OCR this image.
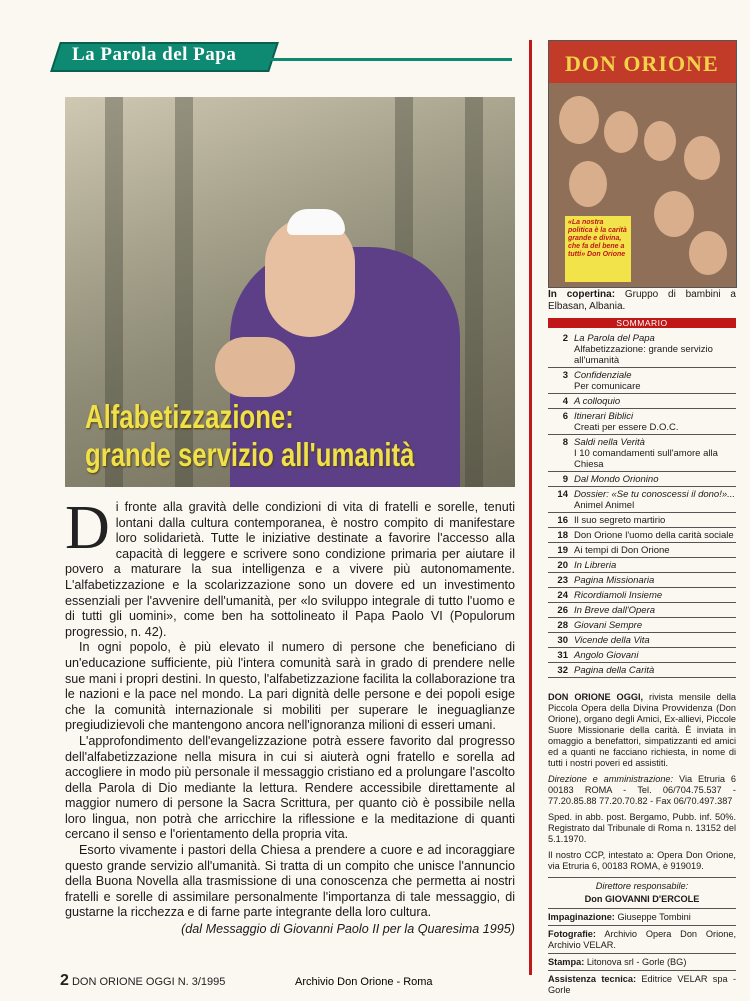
La Parola del Papa
Alfabetizzazione:
grande servizio all'umanità

Di fronte alla gravità delle condizioni di vita di fratelli e sorelle, tenuti lontani dalla cultura contemporanea, è nostro compito di manifestare loro solidarietà. Tutte le iniziative destinate a favorire l'accesso alla capacità di leggere e scrivere sono condizione primaria per aiutare il povero a maturare la sua intelligenza e a vivere più autonomamente. L'alfabetizzazione e la scolarizzazione sono un dovere ed un investimento essenziali per l'avvenire dell'umanità, per «lo sviluppo integrale di tutto l'uomo e di tutti gli uomini», come ben ha sottolineato il Papa Paolo VI (Populorum progressio, n. 42).

In ogni popolo, è più elevato il numero di persone che beneficiano di un'educazione sufficiente, più l'intera comunità sarà in grado di prendere nelle sue mani i propri destini. In questo, l'alfabetizzazione facilita la collaborazione tra le nazioni e la pace nel mondo. La pari dignità delle persone e dei popoli esige che la comunità internazionale si mobiliti per superare le ineguaglianze pregiudizievoli che mantengono ancora nell'ignoranza milioni di esseri umani.

L'approfondimento dell'evangelizzazione potrà essere favorito dal progresso dell'alfabetizzazione nella misura in cui si aiuterà ogni fratello e sorella ad accogliere in modo più personale il messaggio cristiano ed a prolungare l'ascolto della Parola di Dio mediante la lettura. Rendere accessibile direttamente al maggior numero di persone la Sacra Scrittura, per quanto ciò è possibile nella loro lingua, non potrà che arricchire la riflessione e la meditazione di quanti cercano il senso e l'orientamento della propria vita.

Esorto vivamente i pastori della Chiesa a prendere a cuore e ad incoraggiare questo grande servizio all'umanità. Si tratta di un compito che unisce l'annuncio della Buona Novella alla trasmissione di una conoscenza che permetta ai nostri fratelli e sorelle di assimilare personalmente l'importanza di tale messaggio, di gustarne la ricchezza e di farne parte integrante della loro cultura.

(dal Messaggio di Giovanni Paolo II per la Quaresima 1995)
2 DON ORIONE OGGI N. 3/1995	Archivio Don Orione - Roma
DON ORIONE
«La nostra politica è la carità grande e divina, che fa del bene a tutti» Don Orione
In copertina: Gruppo di bambini a Elbasan, Albania.
SOMMARIO
2 La Parola del Papa
Alfabetizzazione: grande servizio all'umanità
3 Confidenziale
Per comunicare
4 A colloquio
6 Itinerari Biblici
Creati per essere D.O.C.
8 Saldi nella Verità
I 10 comandamenti sull'amore alla Chiesa
9 Dal Mondo Orionino
14 Dossier: «Se tu conoscessi il dono!»...
Animel Animel
16 Il suo segreto martirio
18 Don Orione l'uomo della carità sociale
19 Ai tempi di Don Orione
20 In Libreria
23 Pagina Missionaria
24 Ricordiamoli Insieme
26 In Breve dall'Opera
28 Giovani Sempre
30 Vicende della Vita
31 Angolo Giovani
32 Pagina della Carità

DON ORIONE OGGI, rivista mensile della Piccola Opera della Divina Provvidenza (Don Orione), organo degli Amici, Ex-allievi, Piccole Suore Missionarie della carità. È inviata in omaggio a benefattori, simpatizzanti ed amici ed a quanti ne facciano richiesta, in nome di tutti i nostri poveri ed assistiti.

Direzione e amministrazione: Via Etruria 6 00183 ROMA - Tel. 06/704.75.537 - 77.20.85.88 77.20.70.82 - Fax 06/70.497.387

Sped. in abb. post. Bergamo, Pubb. inf. 50%. Registrato dal Tribunale di Roma n. 13152 del 5.1.1970.

Il nostro CCP, intestato a: Opera Don Orione, via Etruria 6, 00183 ROMA, è 919019.

Direttore responsabile:

Don GIOVANNI D'ERCOLE

Impaginazione: Giuseppe Tombini

Fotografie: Archivio Opera Don Orione, Archivio VELAR.

Stampa: Litonova srl - Gorle (BG)

Assistenza tecnica: Editrice VELAR spa - Gorle
